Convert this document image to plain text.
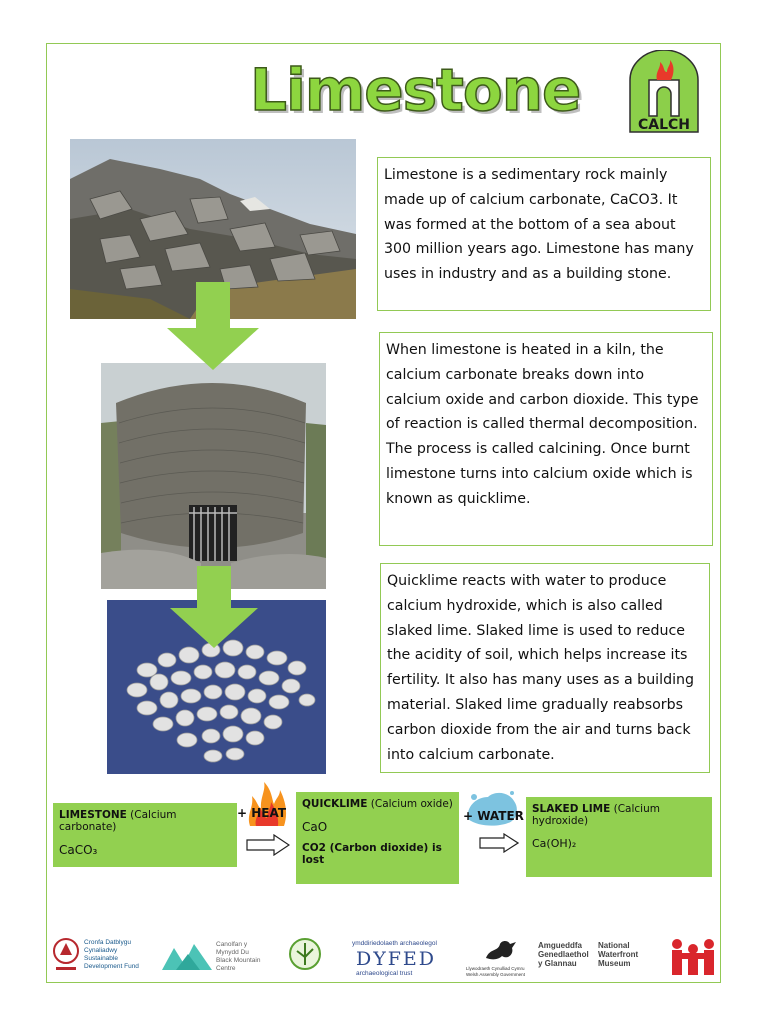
Limestone
CALCH
Limestone is a sedimentary rock mainly
made up of calcium carbonate, CaCO3. It
was formed at the bottom of a sea about
300 million years ago. Limestone has many
uses in industry and as a building stone.
When limestone is heated in a kiln, the
calcium carbonate breaks down into
calcium oxide and carbon dioxide. This type
of reaction is called thermal decomposition.
The process is called calcining. Once burnt
limestone turns into calcium oxide which is
known as quicklime.
Quicklime reacts with water to produce
calcium hydroxide, which is also called
slaked lime. Slaked lime is used to reduce
the acidity of soil, which helps increase its
fertility. It also has many uses as a building
material. Slaked lime gradually reabsorbs
carbon dioxide from the air and turns back
into calcium carbonate.
LIMESTONE (Calcium carbonate)
CaCO₃
+ HEAT
QUICKLIME (Calcium oxide)
CaO
CO2 (Carbon dioxide) is lost
+ WATER SLAKED LIME (Calcium hydroxide)
Ca(OH)₂
Cronfa Datblygu
Cynaliadwy
Sustainable
Development Fund
Canolfan y
Mynydd Du
Black Mountain
Centre
ymddiriedolaeth archaeolegol
DYFED
archaeological trust
Llywodraeth Cynulliad Cymru
Welsh Assembly Government
Amgueddfa
Genedlaethol
y Glannau
National
Waterfront
Museum
